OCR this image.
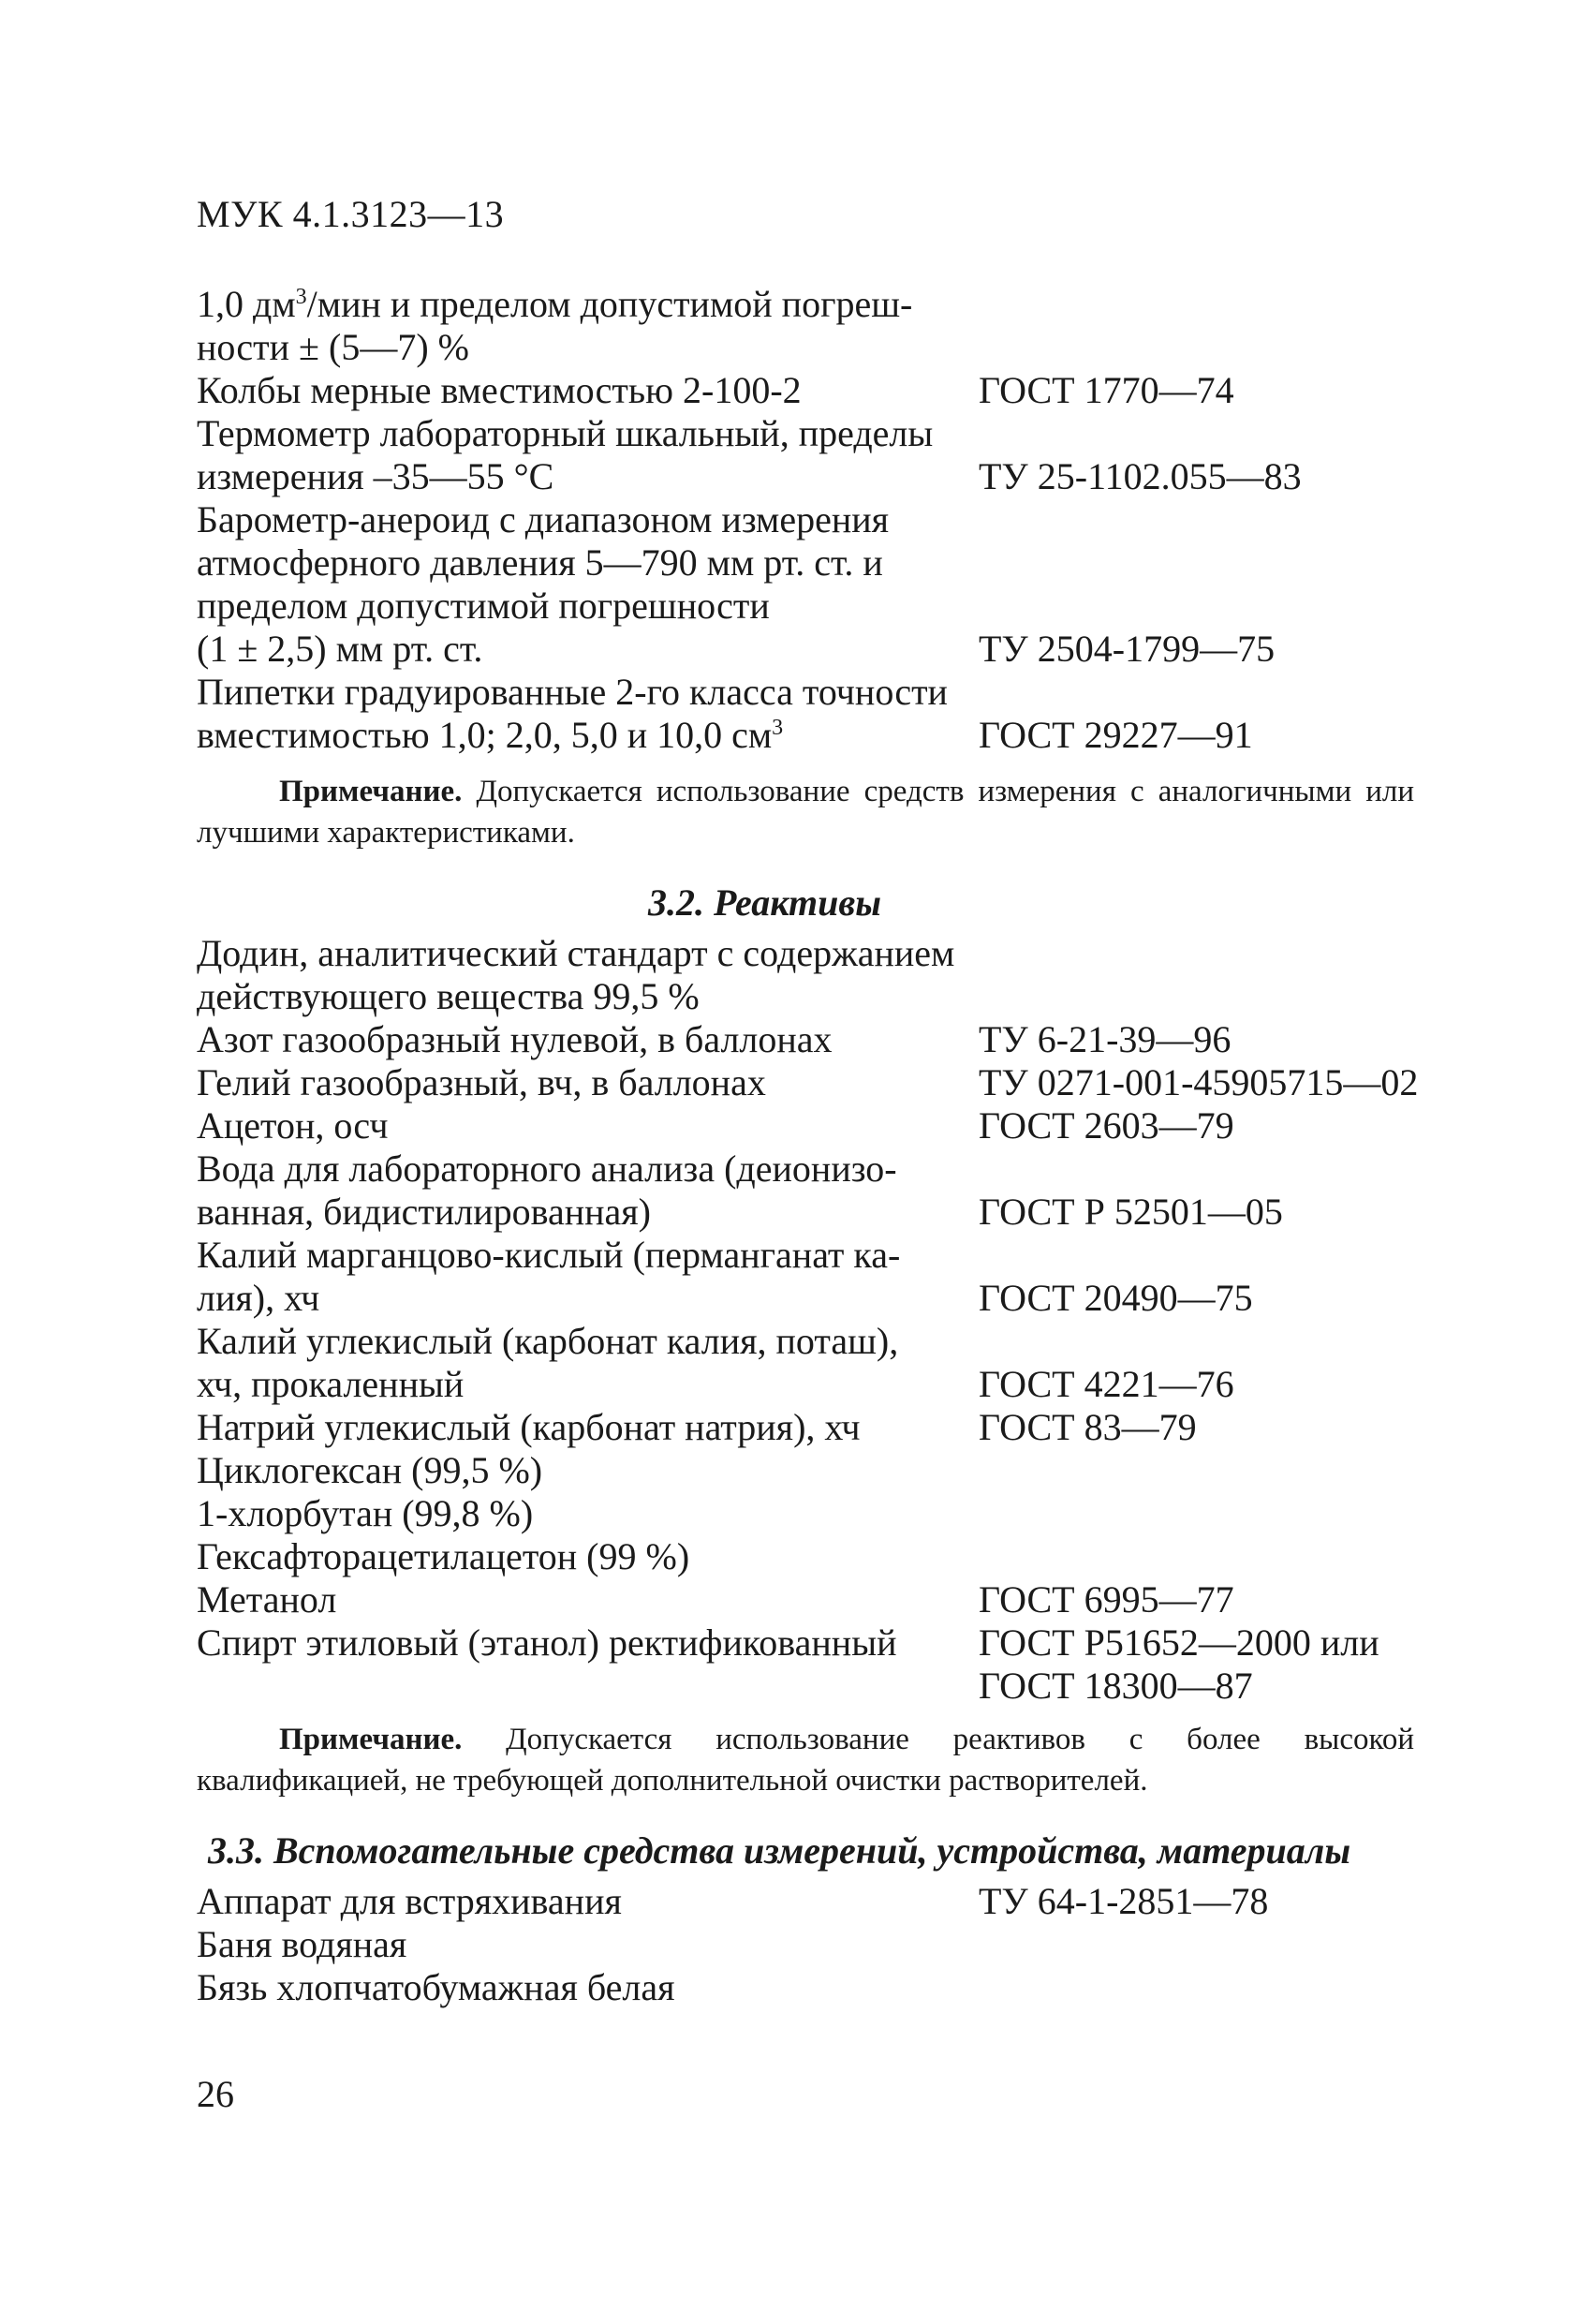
МУК 4.1.3123—13
1,0 $дм^3$/мин и пределом допустимой погреш-
ности ± (5—7) %
Колбы мерные вместимостью 2-100-2	ГОСТ 1770—74
Термометр лабораторный шкальный, пределы
измерения –35—55 °С	ТУ 25-1102.055—83
Барометр-анероид с диапазоном измерения
атмосферного давления 5—790 мм рт. ст. и
пределом допустимой погрешности
(1 ± 2,5) мм рт. ст.	ТУ 2504-1799—75
Пипетки градуированные 2-го класса точности
вместимостью 1,0; 2,0, 5,0 и 10,0 $см^3$	ГОСТ 29227—91
Примечание. Допускается использование средств измерения с аналогичными или лучшими характеристиками.
3.2. Реактивы
Додин, аналитический стандарт с содержанием
действующего вещества 99,5 %
Азот газообразный нулевой, в баллонах	ТУ 6-21-39—96
Гелий газообразный, вч, в баллонах	ТУ 0271-001-45905715—02
Ацетон, осч	ГОСТ 2603—79
Вода для лабораторного анализа (деионизо-
ванная, бидистилированная)	ГОСТ Р 52501—05
Калий марганцово-кислый (перманганат ка-
лия), хч	ГОСТ 20490—75
Калий углекислый (карбонат калия, поташ),
хч, прокаленный	ГОСТ 4221—76
Натрий углекислый (карбонат натрия), хч	ГОСТ 83—79
Циклогексан (99,5 %)
1-хлорбутан (99,8 %)
Гексафторацетилацетон (99 %)
Метанол	ГОСТ 6995—77
Спирт этиловый (этанол) ректификованный ГОСТ Р51652—2000 или
ГОСТ 18300—87
Примечание. Допускается использование реактивов с более высокой квалификацией, не требующей дополнительной очистки растворителей.
3.3. Вспомогательные средства измерений, устройства, материалы
Аппарат для встряхивания	ТУ 64-1-2851—78
Баня водяная
Бязь хлопчатобумажная белая
26
